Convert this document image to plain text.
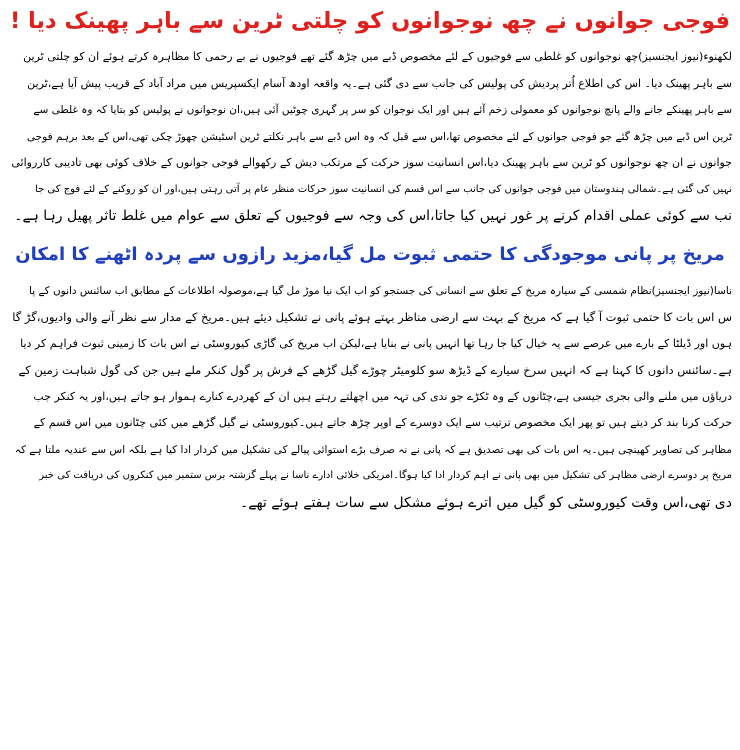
فوجی جوانوں نے چھ نوجوانوں کو چلتی ٹرین سے باہر پھینک دیا !

لکھنوء(نیوز ایجنسیز)چھ نوجوانوں کو غلطی سے فوجیوں کے لئے مخصوص ڈبے میں چڑھ گئے تھے فوجیوں نے بے رحمی کا مظاہرہ کرتے ہوئے ان کو چلتی ٹرین

سے باہر پھینک دیا۔ اس کی اطلاع اُتر پردیش کی پولیس کی جانب سے دی گئی ہے۔یہ واقعہ اودھ آسام ایکسپریس میں مراد آباد کے قریب پیش آیا ہے،ٹرین

سے باہر پھینکے جانے والے پانچ نوجوانوں کو معمولی زخم آئے ہیں اور ایک نوجوان کو سر پر گہری چوٹیں آئی ہیں،ان نوجوانوں نے پولیس کو بتایا کہ وہ غلطی سے

ٹرین اس ڈبے میں چڑھ گئے جو فوجی جوانوں کے لئے مخصوص تھا،اس سے قبل کہ وہ اس ڈبے سے باہر نکلتے ٹرین اسٹیشن چھوڑ چکی تھی،اس کے بعد برہم فوجی

جوانوں نے ان چھ نوجوانوں کو ٹرین سے باہر پھینک دیا،اس انسانیت سوز حرکت کے مرتکب دیش کے رکھوالے فوجی جوانوں کے خلاف کوئی بھی تادیبی کارروائی

نہیں کی گئی ہے۔شمالی ہندوستان میں فوجی جوانوں کی جانب سے اس قسم کی انسانیت سوز حرکات منظر عام پر آتی رہتی ہیں،اور ان کو روکنے کے لئے فوج کی جا

نب سے کوئی عملی اقدام کرنے پر غور نہیں کیا جاتا،اس کی وجہ سے فوجیوں کے تعلق سے عوام میں غلط تاثر پھیل رہا ہے۔

مریخ پر پانی موجودگی کا حتمی ثبوت مل گیا،مزید رازوں سے پردہ اٹھنے کا امکان

ناسا(نیوز ایجنسیز)نظام شمسی کے سیارہ مریخ کے تعلق سے انسانی کی جستجو کو اب ایک نیا موڑ مل گیا ہے،موصولہ اطلاعات کے مطابق اب سائنس دانوں کے پا

س اس بات کا حتمی ثبوت آ گیا ہے کہ مریخ کے بہت سے ارضی مناظر بہتے ہوئے پانی نے تشکیل دیئے ہیں۔مریخ کے مدار سے نظر آنے والی وادیوں،گڑ گا

ہوں اور ڈیلٹا کے بارے میں عرصے سے یہ خیال کیا جا رہا تھا انہیں پانی نے بنایا ہے،لیکن اب مریخ کی گاڑی کیوروسٹی نے اس بات کا زمینی ثبوت فراہم کر دیا

ہے۔سائنس دانوں کا کہنا ہے کہ انہیں سرخ سیارے کے ڈیڑھ سو کلومیٹر چوڑے گیل گڑھے کے فرش پر گول کنکر ملے ہیں جن کی گول شباہت زمین کے

دریاؤں میں ملنے والی بجری جیسی ہے،چٹانوں کے وہ ٹکڑے جو ندی کی تہہ میں اچھلتے رہتے ہیں ان کے کھردرے کنارے ہموار ہو جاتے ہیں،اور یہ کنکر جب

حرکت کرنا بند کر دیتے ہیں تو پھر ایک مخصوص ترتیب سے ایک دوسرے کے اوپر چڑھ جاتے ہیں۔کیوروسٹی نے گیل گڑھے میں کئی چٹانوں میں اس قسم کے

مظاہر کی تصاویر کھینچی ہیں۔یہ اس بات کی بھی تصدیق ہے کہ پانی نے نہ صرف بڑے استوائی پیالے کی تشکیل میں کردار ادا کیا ہے بلکہ اس سے عندیہ ملتا ہے کہ

مریخ پر دوسرے ارضی مظاہر کی تشکیل میں بھی پانی نے اہم کردار ادا کیا ہوگا۔امریکی خلائی ادارے ناسا نے پہلے گزشتہ برس ستمبر میں کنکروں کی دریافت کی خبر

دی تھی،اس وقت کیوروسٹی کو گیل میں اترے ہوئے مشکل سے سات ہفتے ہوئے تھے۔
